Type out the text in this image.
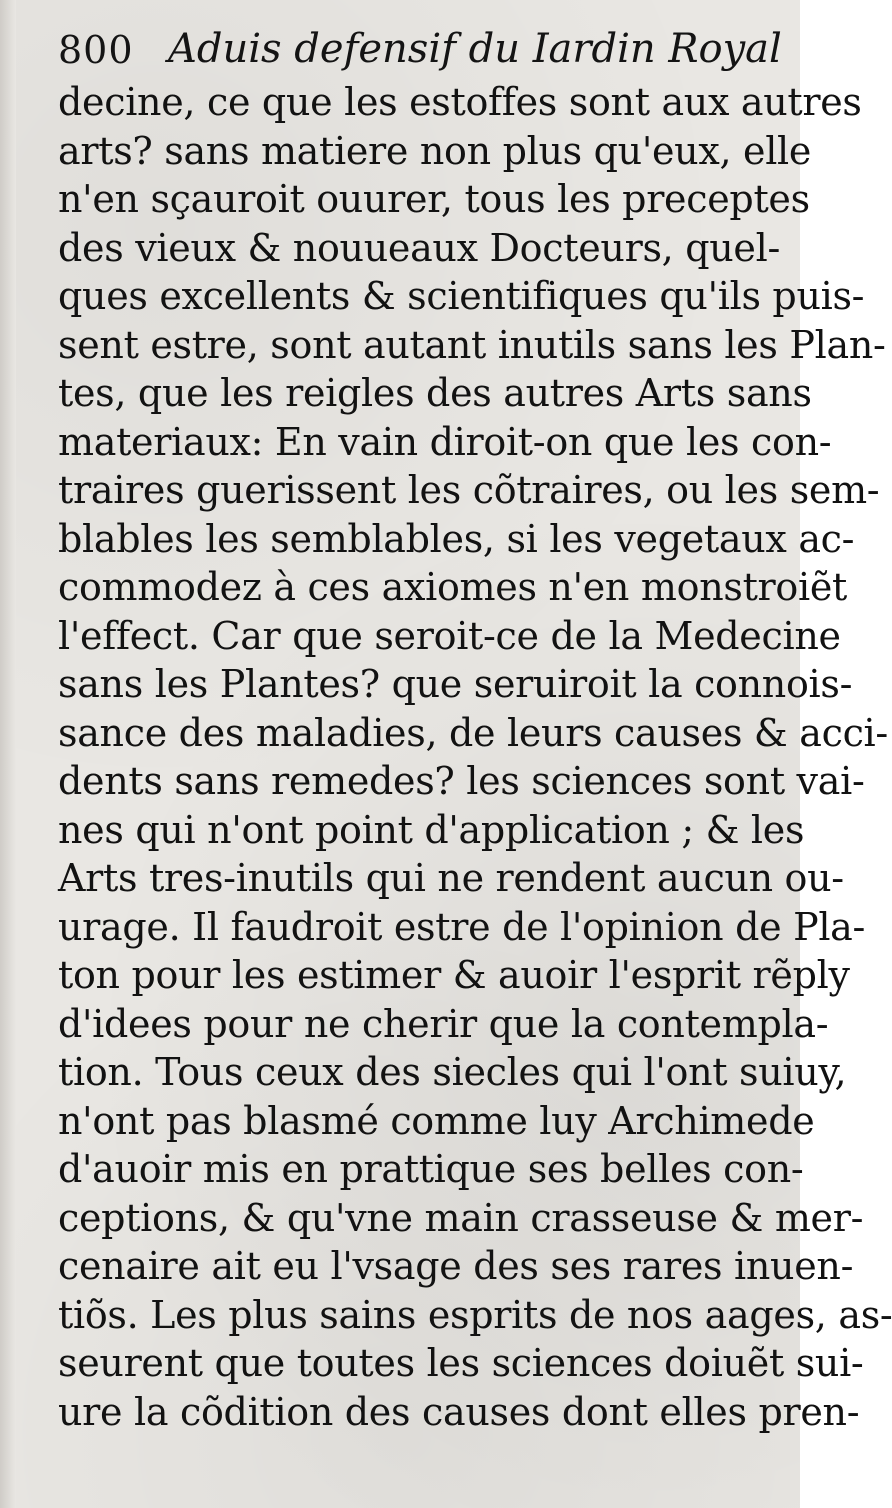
800 Aduis defensif du Iardin Royal
decine, ce que les estoffes sont aux autres
arts? sans matiere non plus qu'eux, elle
n'en sçauroit ouurer, tous les preceptes
des vieux & nouueaux Docteurs, quel-
ques excellents & scientifiques qu'ils puis-
sent estre, sont autant inutils sans les Plan-
tes, que les reigles des autres Arts sans
materiaux: En vain diroit-on que les con-
traires guerissent les cõtraires, ou les sem-
blables les semblables, si les vegetaux ac-
commodez à ces axiomes n'en monstroiẽt
l'effect. Car que seroit-ce de la Medecine
sans les Plantes? que seruiroit la connois-
sance des maladies, de leurs causes & acci-
dents sans remedes? les sciences sont vai-
nes qui n'ont point d'application ; & les
Arts tres-inutils qui ne rendent aucun ou-
urage. Il faudroit estre de l'opinion de Pla-
ton pour les estimer & auoir l'esprit rẽply
d'idees pour ne cherir que la contempla-
tion. Tous ceux des siecles qui l'ont suiuy,
n'ont pas blasmé comme luy Archimede
d'auoir mis en prattique ses belles con-
ceptions, & qu'vne main crasseuse & mer-
cenaire ait eu l'vsage des ses rares inuen-
tiõs. Les plus sains esprits de nos aages, as-
seurent que toutes les sciences doiuẽt sui-
ure la cõdition des causes dont elles pren-
